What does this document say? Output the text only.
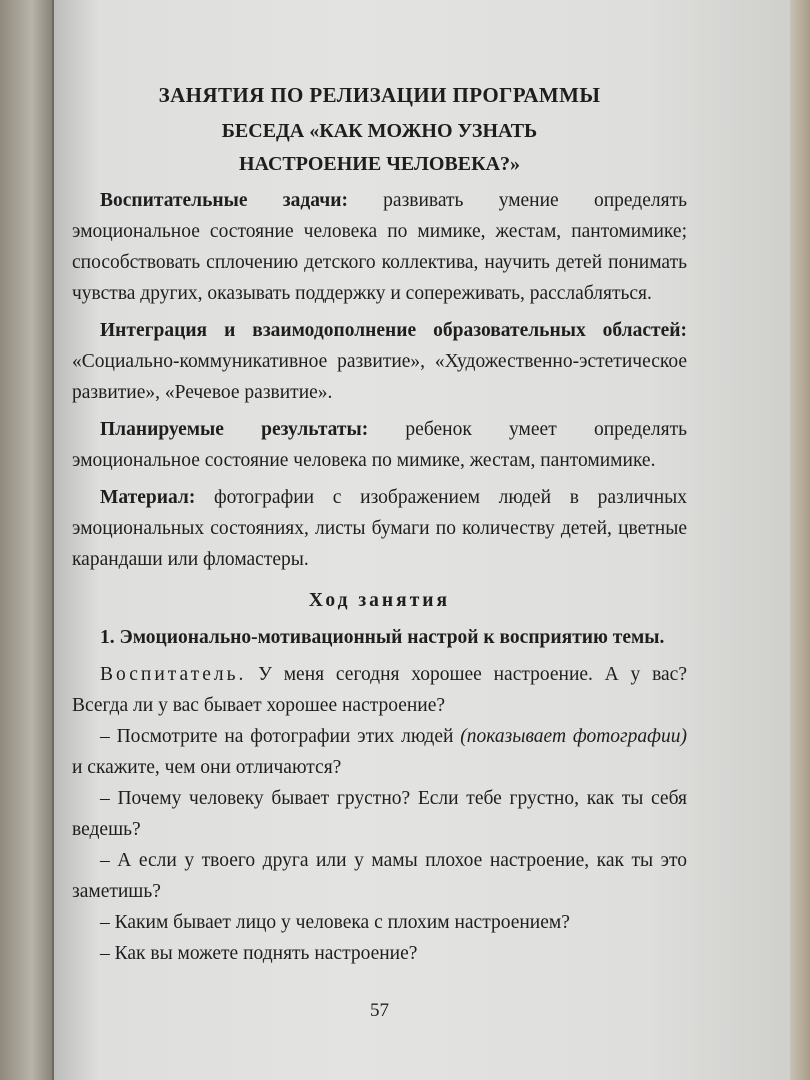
ЗАНЯТИЯ ПО РЕЛИЗАЦИИ ПРОГРАММЫ
БЕСЕДА «КАК МОЖНО УЗНАТЬ
НАСТРОЕНИЕ ЧЕЛОВЕКА?»

Воспитательные задачи: развивать умение определять эмоциональное состояние человека по мимике, жестам, пантомимике; способствовать сплочению детского коллектива, научить детей понимать чувства других, оказывать поддержку и сопереживать, расслабляться.

Интеграция и взаимодополнение образовательных областей: «Социально-коммуникативное развитие», «Художественно-эстетическое развитие», «Речевое развитие».

Планируемые результаты: ребенок умеет определять эмоциональное состояние человека по мимике, жестам, пантомимике.

Материал: фотографии с изображением людей в различных эмоциональных состояниях, листы бумаги по количеству детей, цветные карандаши или фломастеры.

Ход занятия

1. Эмоционально-мотивационный настрой к восприятию темы.

Воспитатель. У меня сегодня хорошее настроение. А у вас? Всегда ли у вас бывает хорошее настроение?

– Посмотрите на фотографии этих людей (показывает фотографии) и скажите, чем они отличаются?

– Почему человеку бывает грустно? Если тебе грустно, как ты себя ведешь?

– А если у твоего друга или у мамы плохое настроение, как ты это заметишь?

– Каким бывает лицо у человека с плохим настроением?

– Как вы можете поднять настроение?

57
